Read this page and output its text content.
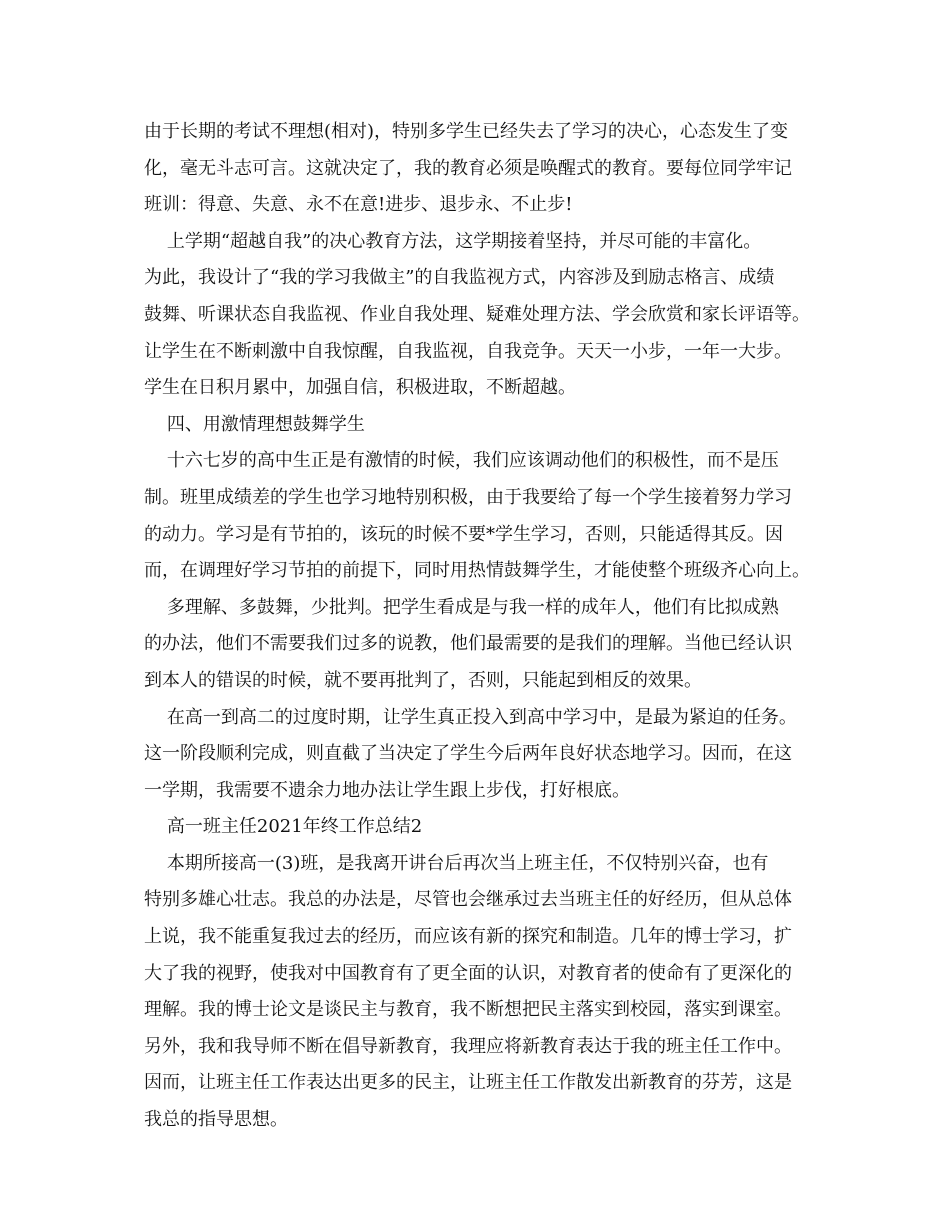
由于长期的考试不理想(相对)，特别多学生已经失去了学习的决心，心态发生了变
化，毫无斗志可言。这就决定了，我的教育必须是唤醒式的教育。要每位同学牢记
班训：得意、失意、永不在意!进步、退步永、不止步!
上学期“超越自我”的决心教育方法，这学期接着坚持，并尽可能的丰富化。
为此，我设计了“我的学习我做主”的自我监视方式，内容涉及到励志格言、成绩
鼓舞、听课状态自我监视、作业自我处理、疑难处理方法、学会欣赏和家长评语等。
让学生在不断刺激中自我惊醒，自我监视，自我竞争。天天一小步，一年一大步。
学生在日积月累中，加强自信，积极进取，不断超越。
四、用激情理想鼓舞学生
十六七岁的高中生正是有激情的时候，我们应该调动他们的积极性，而不是压
制。班里成绩差的学生也学习地特别积极，由于我要给了每一个学生接着努力学习
的动力。学习是有节拍的，该玩的时候不要*学生学习，否则，只能适得其反。因
而，在调理好学习节拍的前提下，同时用热情鼓舞学生，才能使整个班级齐心向上。
多理解、多鼓舞，少批判。把学生看成是与我一样的成年人，他们有比拟成熟
的办法，他们不需要我们过多的说教，他们最需要的是我们的理解。当他已经认识
到本人的错误的时候，就不要再批判了，否则，只能起到相反的效果。
在高一到高二的过度时期，让学生真正投入到高中学习中，是最为紧迫的任务。
这一阶段顺利完成，则直截了当决定了学生今后两年良好状态地学习。因而，在这
一学期，我需要不遗余力地办法让学生跟上步伐，打好根底。
高一班主任2021年终工作总结2
本期所接高一(3)班，是我离开讲台后再次当上班主任，不仅特别兴奋，也有
特别多雄心壮志。我总的办法是，尽管也会继承过去当班主任的好经历，但从总体
上说，我不能重复我过去的经历，而应该有新的探究和制造。几年的博士学习，扩
大了我的视野，使我对中国教育有了更全面的认识，对教育者的使命有了更深化的
理解。我的博士论文是谈民主与教育，我不断想把民主落实到校园，落实到课室。
另外，我和我导师不断在倡导新教育，我理应将新教育表达于我的班主任工作中。
因而，让班主任工作表达出更多的民主，让班主任工作散发出新教育的芬芳，这是
我总的指导思想。
